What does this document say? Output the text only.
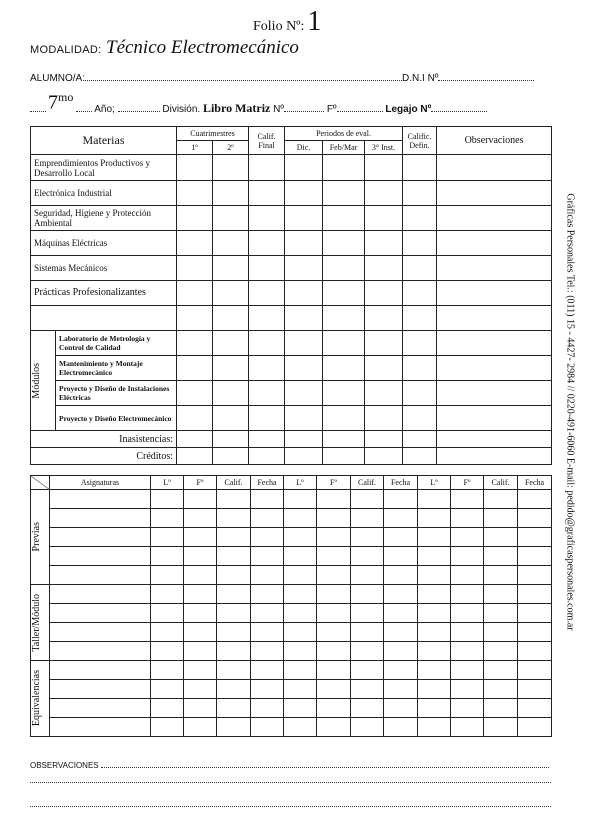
Folio Nº: 1
MODALIDAD: Técnico Electromecánico
ALUMNO/A:	D.N.I Nº
$7^{mo}$
Año;	División. Libro Matriz Nº	Fº	Legajo Nº
Materias		Cuatrimestres		Calif. Final	Periodos de eval.			Calific. Defin.	Observaciones
		1º	2º		Dic.	Feb/Mar	3° Inst.		
Emprendimientos Productivos y Desarrollo Local									
Electrónica Industrial									
Seguridad, Higiene y Protección Ambiental									
Máquinas Eléctricas									
Sistemas Mecánicos									
Prácticas Profesionalizantes									

Módulos	Laboratorio de Metrología y Control de Calidad								
	Mantenimiento y Montaje Electromecánico								
	Proyecto y Diseño de Instalaciones Eléctricas								
	Proyecto y Diseño Electromecánico								
Inasistencias:									
Créditos:									
	Asignaturas	Lº	Fº	Calif.	Fecha	Lº	Fº	Calif.	Fecha	Lº	Fº	Calif.	Fecha

Previas													

Taller/Módulo													

Equivalencias													

Gráficas Personales Tel.: (011) 15 - 4427- 2984 // 0220-491-6060 E-mail: pedido@graficaspersonales.com.ar
OBSERVACIONES
